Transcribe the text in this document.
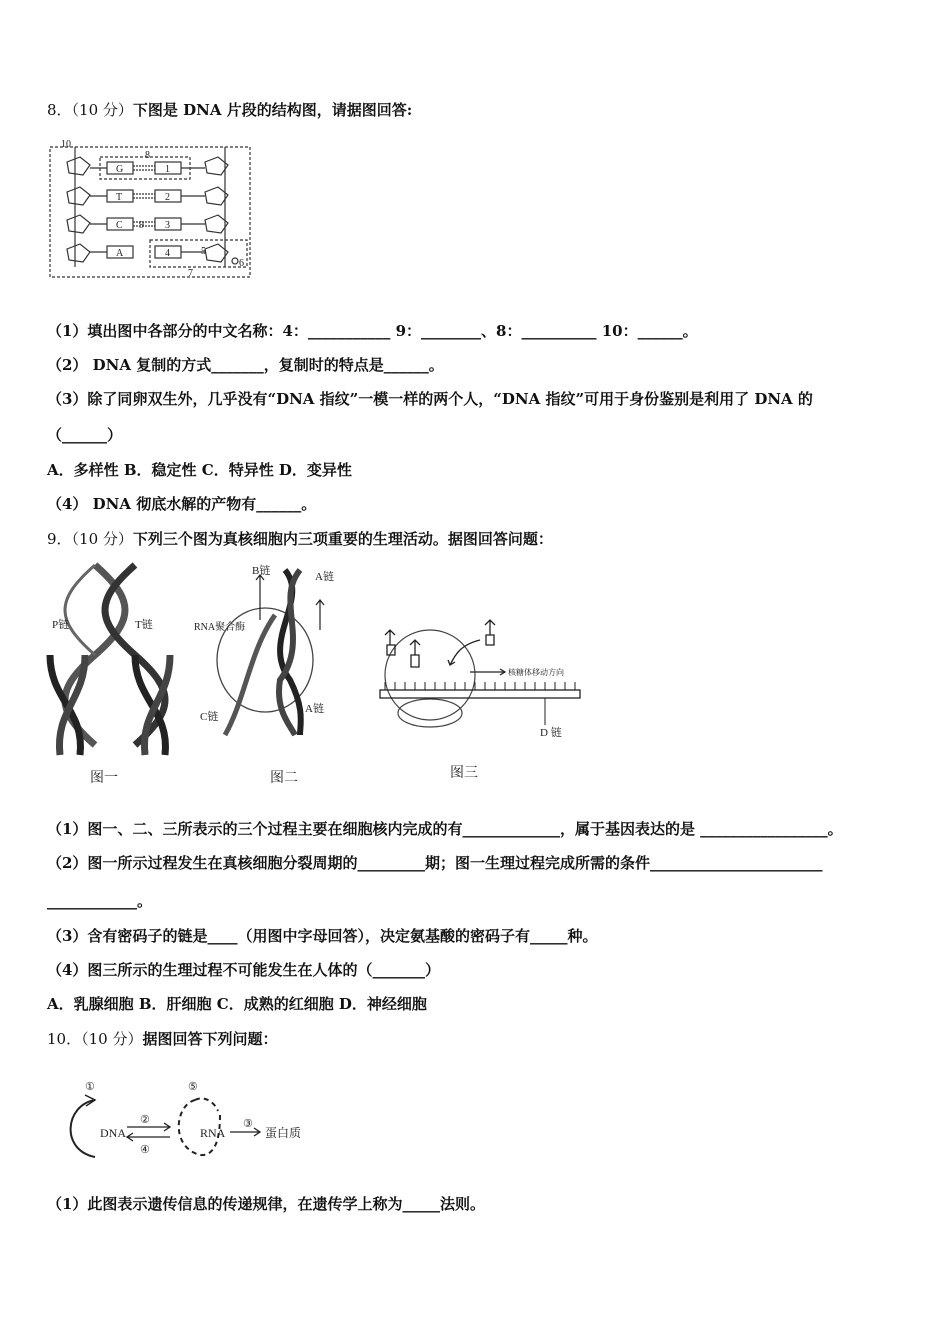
8．（10 分）下图是 DNA 片段的结构图，请据图回答:
10
8
G	1
T	2
C 9 3
A	4	5
6
7
（1）填出图中各部分的中文名称：4：___________ 9：________、8：__________ 10：______。
（2） DNA 复制的方式_______，复制时的特点是______。
（3）除了同卵双生外，几乎没有“DNA 指纹”一模一样的两个人，“DNA 指纹”可用于身份鉴别是利用了 DNA 的
（______）
A．多样性 B．稳定性 C．特异性 D．变异性
（4） DNA 彻底水解的产物有______。
9．（10 分）下列三个图为真核细胞内三项重要的生理活动。据图回答问题：
P链	T链
图一
B链	A链
RNA聚合酶
C链
A链
图二
核糖体移动方向
D 链
图三
（1）图一、二、三所表示的三个过程主要在细胞核内完成的有_____________，属于基因表达的是 _________________。
（2）图一所示过程发生在真核细胞分裂周期的_________期；图一生理过程完成所需的条件_______________________
____________。
（3）含有密码子的链是____（用图中字母回答），决定氨基酸的密码子有_____种。
（4）图三所示的生理过程不可能发生在人体的（_______）
A．乳腺细胞 B．肝细胞 C．成熟的红细胞 D．神经细胞
10．（10 分）据图回答下列问题：
①
②
④
⑤
③
DNA	RNA	蛋白质
（1）此图表示遗传信息的传递规律，在遗传学上称为_____法则。
